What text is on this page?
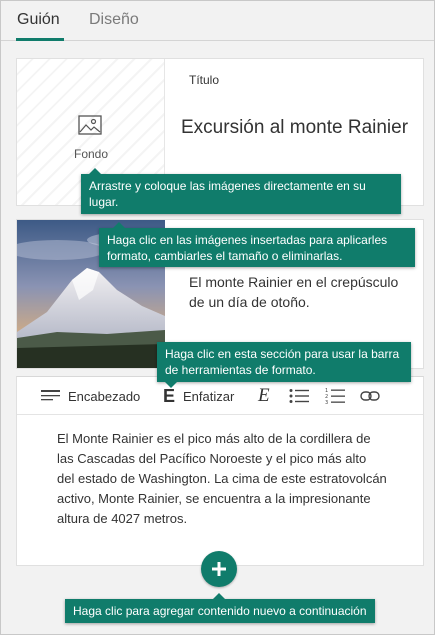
Guión Diseño
Fondo
Título
Excursión al monte Rainier
El monte Rainier en el crepúsculo de un día de otoño.
Encabezado E Enfatizar E	1
2
3
El Monte Rainier es el pico más alto de la cordillera de las Cascadas del Pacífico Noroeste y el pico más alto del estado de Washington. La cima de este estratovolcán activo, Monte Rainier, se encuentra a la impresionante altura de 4027 metros.
Arrastre y coloque las imágenes directamente en su lugar.
Haga clic en las imágenes insertadas para aplicarles formato, cambiarles el tamaño o eliminarlas.
Haga clic en esta sección para usar la barra de herramientas de formato.
Haga clic para agregar contenido nuevo a continuación
